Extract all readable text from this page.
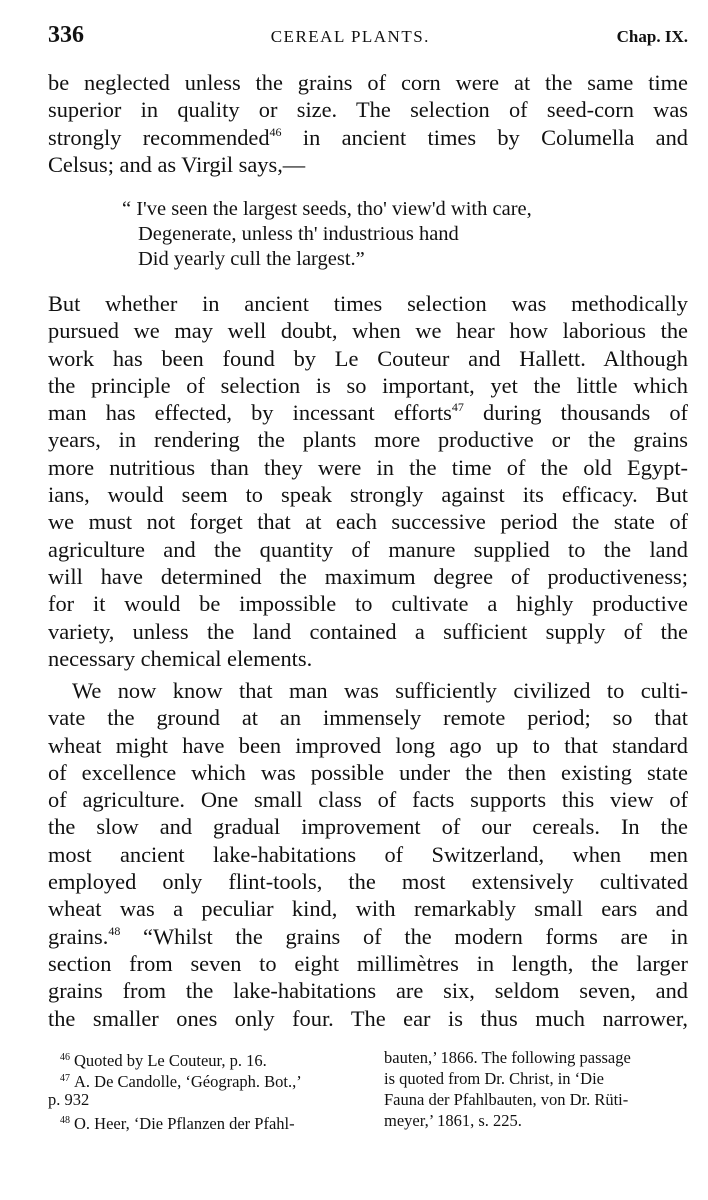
336	CEREAL PLANTS.	Chap. IX.
be neglected unless the grains of corn were at the same time
superior in quality or size. The selection of seed-corn was
strongly recommended$^{46}$ in ancient times by Columella and
Celsus; and as Virgil says,—
“ I've seen the largest seeds, tho' view'd with care,
Degenerate, unless th' industrious hand
Did yearly cull the largest.”
But whether in ancient times selection was methodically
pursued we may well doubt, when we hear how laborious the
work has been found by Le Couteur and Hallett. Although
the principle of selection is so important, yet the little which
man has effected, by incessant efforts$^{47}$ during thousands of
years, in rendering the plants more productive or the grains
more nutritious than they were in the time of the old Egypt-
ians, would seem to speak strongly against its efficacy. But
we must not forget that at each successive period the state of
agriculture and the quantity of manure supplied to the land
will have determined the maximum degree of productiveness;
for it would be impossible to cultivate a highly productive
variety, unless the land contained a sufficient supply of the
necessary chemical elements.
We now know that man was sufficiently civilized to culti-
vate the ground at an immensely remote period; so that
wheat might have been improved long ago up to that standard
of excellence which was possible under the then existing state
of agriculture. One small class of facts supports this view of
the slow and gradual improvement of our cereals. In the
most ancient lake-habitations of Switzerland, when men
employed only flint-tools, the most extensively cultivated
wheat was a peculiar kind, with remarkably small ears and
grains.$^{48}$ “Whilst the grains of the modern forms are in
section from seven to eight millimètres in length, the larger
grains from the lake-habitations are six, seldom seven, and
the smaller ones only four. The ear is thus much narrower,
$^{46}$ Quoted by Le Couteur, p. 16.
$^{47}$ A. De Candolle, ‘Géograph. Bot.,’
p. 932
$^{48}$ O. Heer, ‘Die Pflanzen der Pfahl-
bauten,’ 1866. The following passage
is quoted from Dr. Christ, in ‘Die
Fauna der Pfahlbauten, von Dr. Rüti-
meyer,’ 1861, s. 225.
